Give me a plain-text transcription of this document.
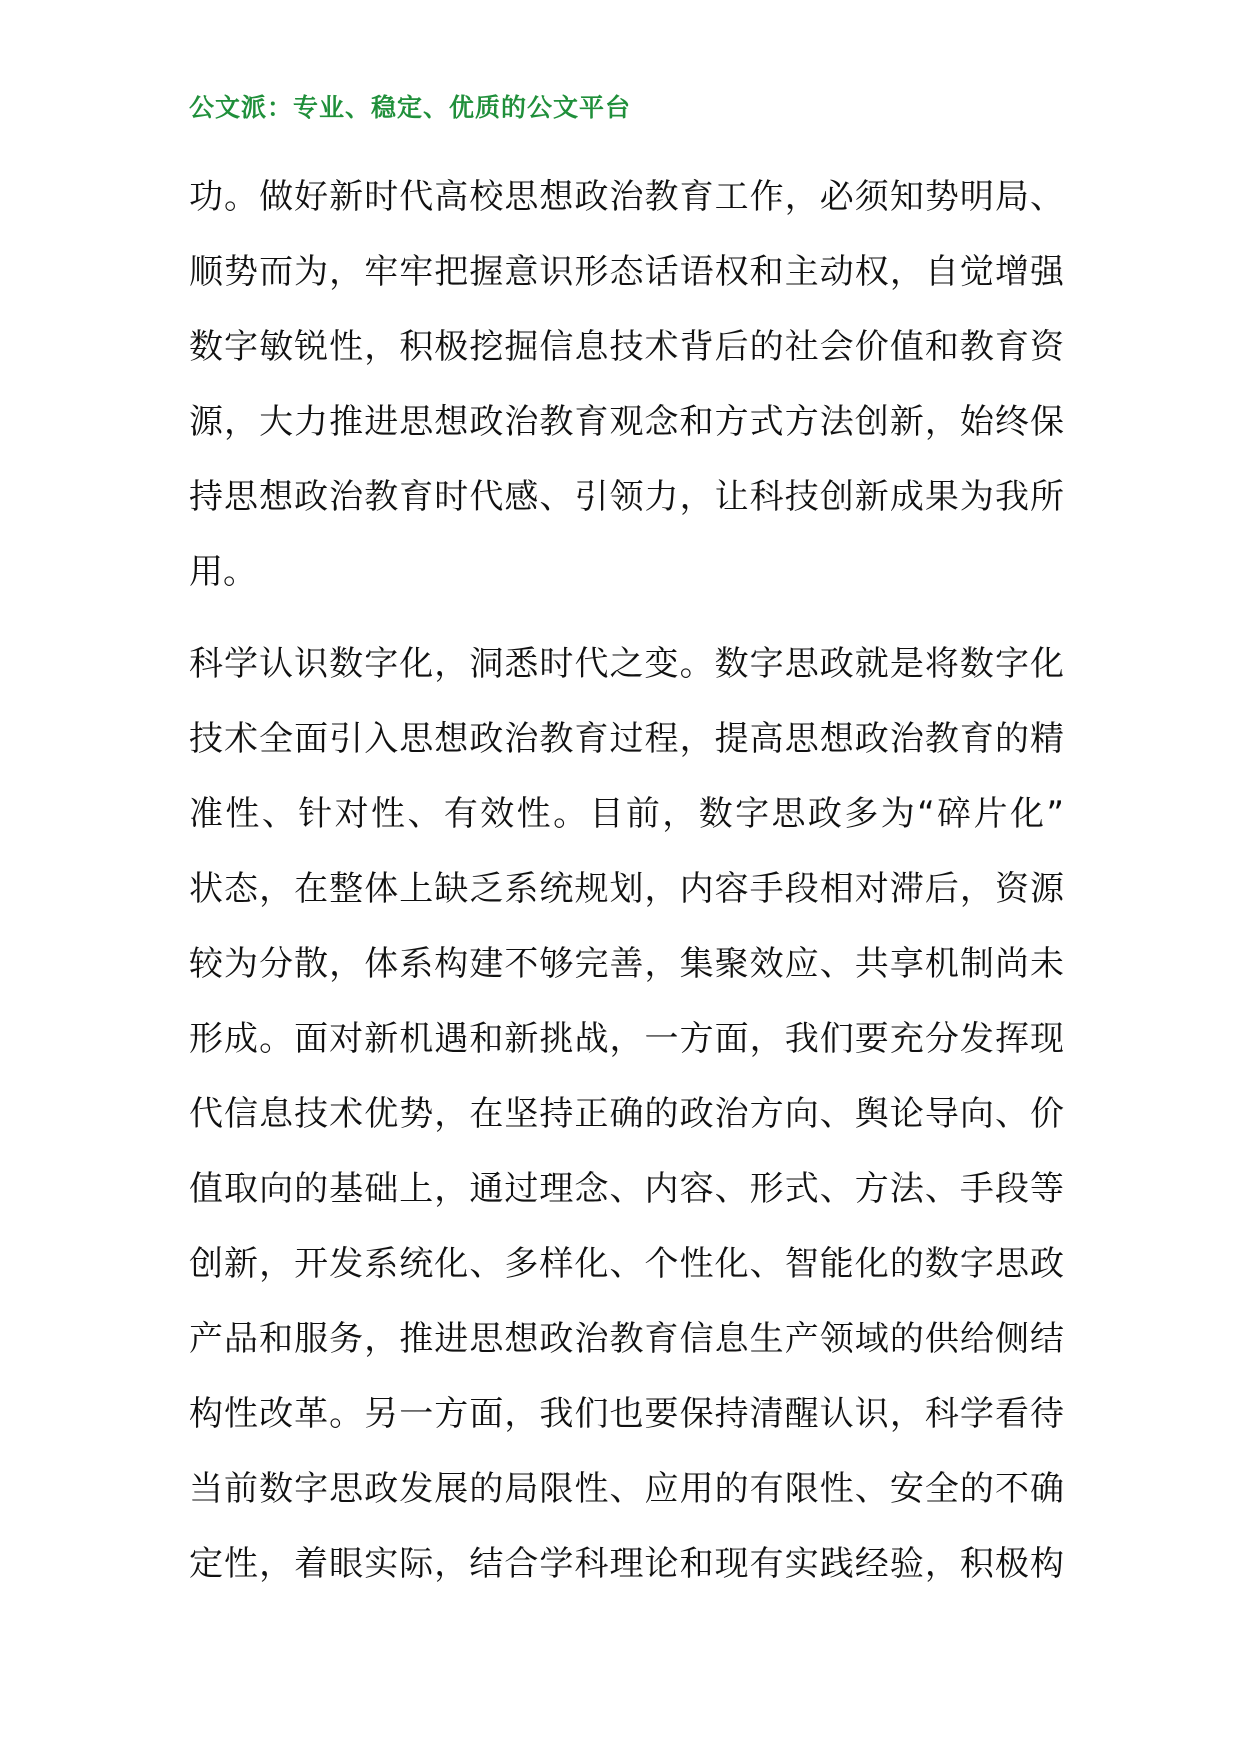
公文派：专业、稳定、优质的公文平台
功。做好新时代高校思想政治教育工作，必须知势明局、
顺势而为，牢牢把握意识形态话语权和主动权，自觉增强
数字敏锐性，积极挖掘信息技术背后的社会价值和教育资
源，大力推进思想政治教育观念和方式方法创新，始终保
持思想政治教育时代感、引领力，让科技创新成果为我所
用。
科学认识数字化，洞悉时代之变。数字思政就是将数字化
技术全面引入思想政治教育过程，提高思想政治教育的精
准性、针对性、有效性。目前，数字思政多为“碎片化”
状态，在整体上缺乏系统规划，内容手段相对滞后，资源
较为分散，体系构建不够完善，集聚效应、共享机制尚未
形成。面对新机遇和新挑战，一方面，我们要充分发挥现
代信息技术优势，在坚持正确的政治方向、舆论导向、价
值取向的基础上，通过理念、内容、形式、方法、手段等
创新，开发系统化、多样化、个性化、智能化的数字思政
产品和服务，推进思想政治教育信息生产领域的供给侧结
构性改革。另一方面，我们也要保持清醒认识，科学看待
当前数字思政发展的局限性、应用的有限性、安全的不确
定性，着眼实际，结合学科理论和现有实践经验，积极构
